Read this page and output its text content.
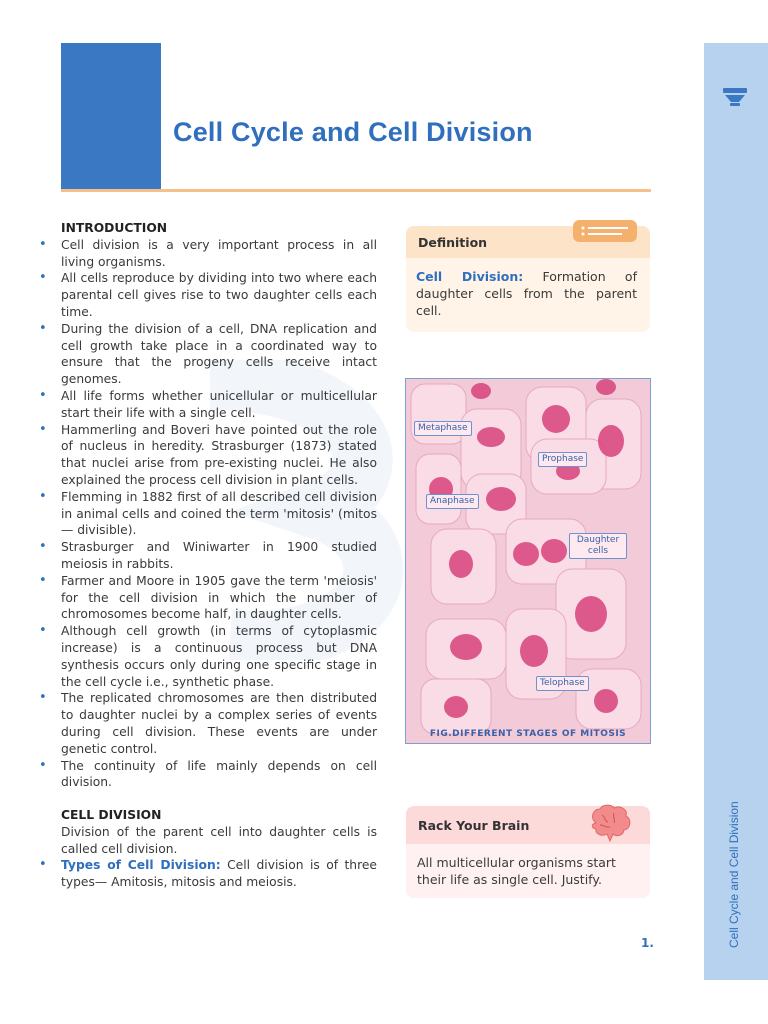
Cell Cycle and Cell Division
Cell Cycle and Cell Division

INTRODUCTION

• Cell division is a very important process in all living organisms.
• All cells reproduce by dividing into two where each parental cell gives rise to two daughter cells each time.
• During the division of a cell, DNA replication and cell growth take place in a coordinated way to ensure that the progeny cells receive intact genomes.
• All life forms whether unicellular or multicellular start their life with a single cell.
• Hammerling and Boveri have pointed out the role of nucleus in heredity. Strasburger (1873) stated that nuclei arise from pre-existing nuclei. He also explained the process cell division in plant cells.
• Flemming in 1882 first of all described cell division in animal cells and coined the term 'mitosis' (mitos — divisible).
• Strasburger and Winiwarter in 1900 studied meiosis in rabbits.
• Farmer and Moore in 1905 gave the term 'meiosis' for the cell division in which the number of chromosomes become half, in daughter cells.
• Although cell growth (in terms of cytoplasmic increase) is a continuous process but DNA synthesis occurs only during one specific stage in the cell cycle i.e., synthetic phase.
• The replicated chromosomes are then distributed to daughter nuclei by a complex series of events during cell division. These events are under genetic control.
• The continuity of life mainly depends on cell division.

CELL DIVISION

Division of the parent cell into daughter cells is called cell division.

• Types of Cell Division: Cell division is of three types— Amitosis, mitosis and meiosis.
Definition
Cell Division: Formation of daughter cells from the parent cell.
Metaphase
Prophase
Anaphase
Daughter cells
Telophase
FIG.DIFFERENT STAGES OF MITOSIS
Rack Your Brain
All multicellular organisms start their life as single cell. Justify.
1.
